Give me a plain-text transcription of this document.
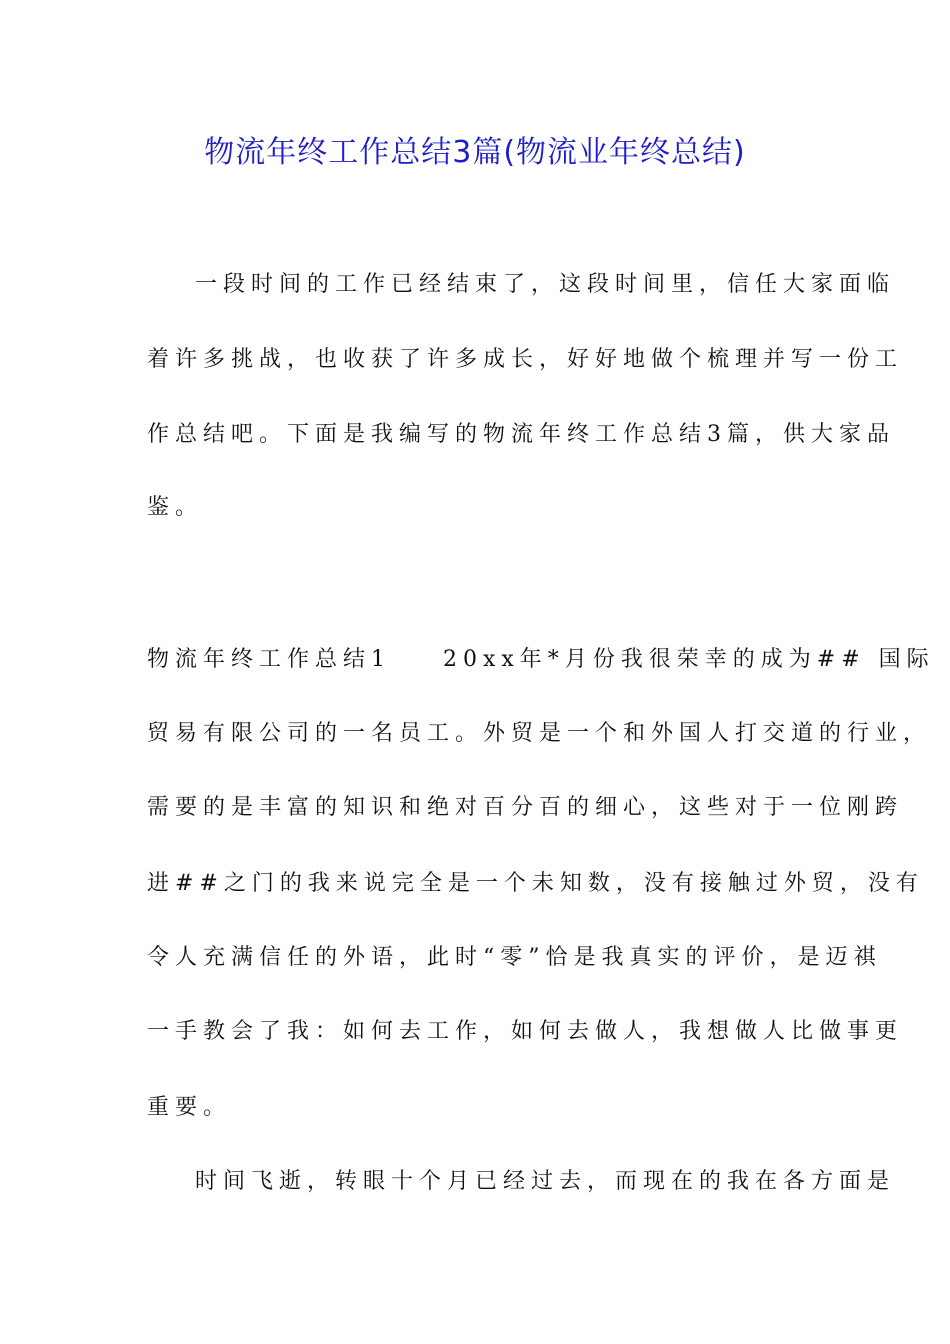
物流年终工作总结3篇(物流业年终总结)
一段时间的工作已经结束了，这段时间里，信任大家面临
着许多挑战，也收获了许多成长，好好地做个梳理并写一份工
作总结吧。下面是我编写的物流年终工作总结3篇，供大家品
鉴。
物流年终工作总结1 20xx年*月份我很荣幸的成为## 国际
贸易有限公司的一名员工。外贸是一个和外国人打交道的行业，
需要的是丰富的知识和绝对百分百的细心，这些对于一位刚跨
进##之门的我来说完全是一个未知数，没有接触过外贸，没有
令人充满信任的外语，此时“零”恰是我真实的评价，是迈祺
一手教会了我：如何去工作，如何去做人，我想做人比做事更
重要。
时间飞逝，转眼十个月已经过去，而现在的我在各方面是
